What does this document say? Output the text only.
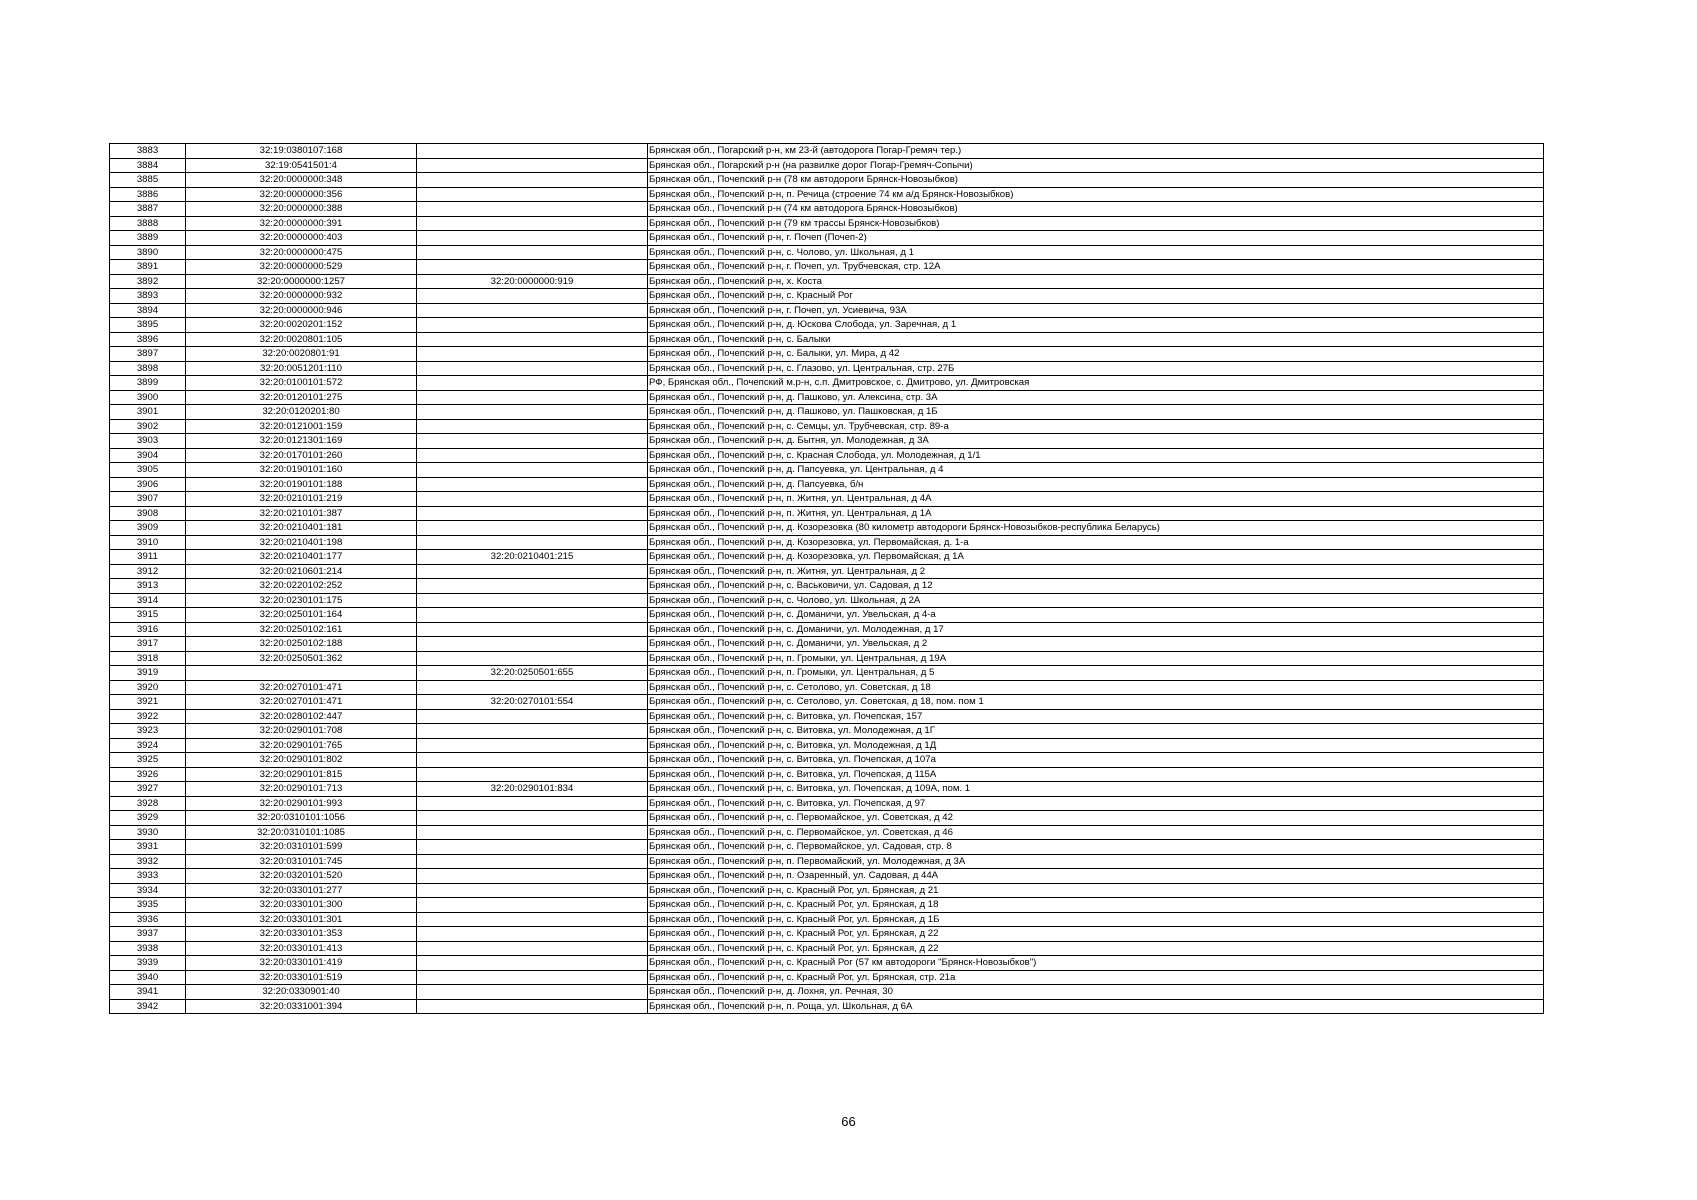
3883	32:19:0380107:168		Брянская обл., Погарский р-н, км 23-й (автодорога Погар-Гремяч тер.)
3884	32:19:0541501:4		Брянская обл., Погарский р-н (на развилке дорог Погар-Гремяч-Сопычи)
3885	32:20:0000000:348		Брянская обл., Почепский р-н (78 км автодороги Брянск-Новозыбков)
3886	32:20:0000000:356		Брянская обл., Почепский р-н, п. Речица (строение 74 км а/д Брянск-Новозыбков)
3887	32:20:0000000:388		Брянская обл., Почепский р-н (74 км автодорога Брянск-Новозыбков)
3888	32:20:0000000:391		Брянская обл., Почепский р-н (79 км трассы Брянск-Новозыбков)
3889	32:20:0000000:403		Брянская обл., Почепский р-н, г. Почеп (Почеп-2)
3890	32:20:0000000:475		Брянская обл., Почепский р-н, с. Чолово, ул. Школьная, д 1
3891	32:20:0000000:529		Брянская обл., Почепский р-н, г. Почеп, ул. Трубчевская, стр. 12А
3892	32:20:0000000:1257	32:20:0000000:919	Брянская обл., Почепский р-н, х. Коста
3893	32:20:0000000:932		Брянская обл., Почепский р-н, с. Красный Рог
3894	32:20:0000000:946		Брянская обл., Почепский р-н, г. Почеп, ул. Усиевича, 93А
3895	32:20:0020201:152		Брянская обл., Почепский р-н, д. Юскова Слобода, ул. Заречная, д 1
3896	32:20:0020801:105		Брянская обл., Почепский р-н, с. Балыки
3897	32:20:0020801:91		Брянская обл., Почепский р-н, с. Балыки, ул. Мира, д 42
3898	32:20:0051201:110		Брянская обл., Почепский р-н, с. Глазово, ул. Центральная, стр. 27Б
3899	32:20:0100101:572		РФ, Брянская обл., Почепский м.р-н, с.п. Дмитровское, с. Дмитрово, ул. Дмитровская
3900	32:20:0120101:275		Брянская обл., Почепский р-н, д. Пашково, ул. Алексина, стр. 3А
3901	32:20:0120201:80		Брянская обл., Почепский р-н, д. Пашково, ул. Пашковская, д 1Б
3902	32:20:0121001:159		Брянская обл., Почепский р-н, с. Семцы, ул. Трубчевская, стр. 89-а
3903	32:20:0121301:169		Брянская обл., Почепский р-н, д. Бытня, ул. Молодежная, д 3А
3904	32:20:0170101:260		Брянская обл., Почепский р-н, с. Красная Слобода, ул. Молодежная, д 1/1
3905	32:20:0190101:160		Брянская обл., Почепский р-н, д. Папсуевка, ул. Центральная, д 4
3906	32:20:0190101:188		Брянская обл., Почепский р-н, д. Папсуевка, б/н
3907	32:20:0210101:219		Брянская обл., Почепский р-н, п. Житня, ул. Центральная, д 4А
3908	32:20:0210101:387		Брянская обл., Почепский р-н, п. Житня, ул. Центральная, д 1А
3909	32:20:0210401:181		Брянская обл., Почепский р-н, д. Козорезовка (80 километр автодороги Брянск-Новозыбков-республика Беларусь)
3910	32:20:0210401:198		Брянская обл., Почепский р-н, д. Козорезовка, ул. Первомайская, д. 1-а
3911	32:20:0210401:177	32:20:0210401:215	Брянская обл., Почепский р-н, д. Козорезовка, ул. Первомайская, д 1А
3912	32:20:0210601:214		Брянская обл., Почепский р-н, п. Житня, ул. Центральная, д 2
3913	32:20:0220102:252		Брянская обл., Почепский р-н, с. Васьковичи, ул. Садовая, д 12
3914	32:20:0230101:175		Брянская обл., Почепский р-н, с. Чолово, ул. Школьная, д 2А
3915	32:20:0250101:164		Брянская обл., Почепский р-н, с. Доманичи, ул. Увельская, д 4-а
3916	32:20:0250102:161		Брянская обл., Почепский р-н, с. Доманичи, ул. Молодежная, д 17
3917	32:20:0250102:188		Брянская обл., Почепский р-н, с. Доманичи, ул. Увельская, д 2
3918	32:20:0250501:362		Брянская обл., Почепский р-н, п. Громыки, ул. Центральная, д 19А
3919		32:20:0250501:655	Брянская обл., Почепский р-н, п. Громыки, ул. Центральная, д 5
3920	32:20:0270101:471		Брянская обл., Почепский р-н, с. Сетолово, ул. Советская, д 18
3921	32:20:0270101:471	32:20:0270101:554	Брянская обл., Почепский р-н, с. Сетолово, ул. Советская, д 18, пом. пом 1
3922	32:20:0280102:447		Брянская обл., Почепский р-н, с. Витовка, ул. Почепская, 157
3923	32:20:0290101:708		Брянская обл., Почепский р-н, с. Витовка, ул. Молодежная, д 1Г
3924	32:20:0290101:765		Брянская обл., Почепский р-н, с. Витовка, ул. Молодежная, д 1Д
3925	32:20:0290101:802		Брянская обл., Почепский р-н, с. Витовка, ул. Почепская, д 107а
3926	32:20:0290101:815		Брянская обл., Почепский р-н, с. Витовка, ул. Почепская, д 115А
3927	32:20:0290101:713	32:20:0290101:834	Брянская обл., Почепский р-н, с. Витовка, ул. Почепская, д 109А, пом. 1
3928	32:20:0290101:993		Брянская обл., Почепский р-н, с. Витовка, ул. Почепская, д 97
3929	32:20:0310101:1056		Брянская обл., Почепский р-н, с. Первомайское, ул. Советская, д 42
3930	32:20:0310101:1085		Брянская обл., Почепский р-н, с. Первомайское, ул. Советская, д 46
3931	32:20:0310101:599		Брянская обл., Почепский р-н, с. Первомайское, ул. Садовая, стр. 8
3932	32:20:0310101:745		Брянская обл., Почепский р-н, п. Первомайский, ул. Молодежная, д 3А
3933	32:20:0320101:520		Брянская обл., Почепский р-н, п. Озаренный, ул. Садовая, д 44А
3934	32:20:0330101:277		Брянская обл., Почепский р-н, с. Красный Рог, ул. Брянская, д 21
3935	32:20:0330101:300		Брянская обл., Почепский р-н, с. Красный Рог, ул. Брянская, д 18
3936	32:20:0330101:301		Брянская обл., Почепский р-н, с. Красный Рог, ул. Брянская, д 1Б
3937	32:20:0330101:353		Брянская обл., Почепский р-н, с. Красный Рог, ул. Брянская, д 22
3938	32:20:0330101:413		Брянская обл., Почепский р-н, с. Красный Рог, ул. Брянская, д 22
3939	32:20:0330101:419		Брянская обл., Почепский р-н, с. Красный Рог (57 км автодороги "Брянск-Новозыбков")
3940	32:20:0330101:519		Брянская обл., Почепский р-н, с. Красный Рог, ул. Брянская, стр. 21а
3941	32:20:0330901:40		Брянская обл., Почепский р-н, д. Лохня, ул. Речная, 30
3942	32:20:0331001:394		Брянская обл., Почепский р-н, п. Роща, ул. Школьная, д 6А
66
